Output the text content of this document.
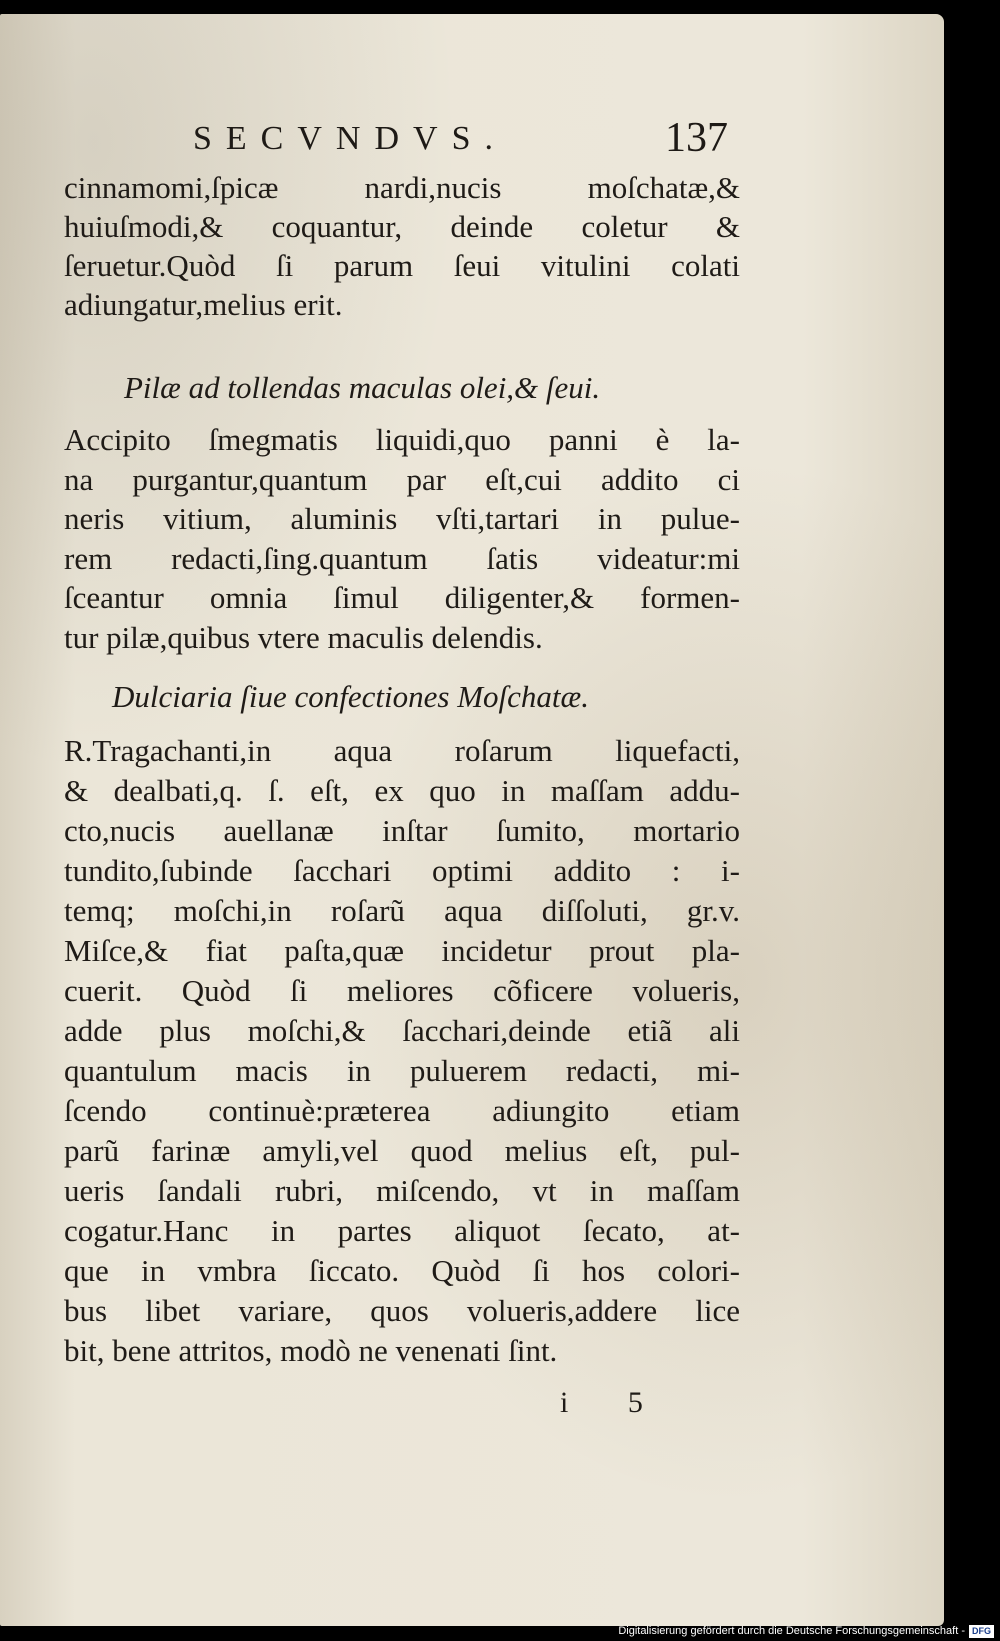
SECVNDVS.	137
cinnamomi,ſpicæ nardi,nucis moſchatæ,&
huiuſmodi,& coquantur, deinde coletur &
ſeruetur.Quòd ſi parum ſeui vitulini colati
adiungatur,melius erit.
Pilæ ad tollendas maculas olei,& ſeui.
Accipito ſmegmatis liquidi,quo panni è la-
na purgantur,quantum par eſt,cui addito ci
neris vitium, aluminis vſti,tartari in pulue-
rem redacti,ſing.quantum ſatis videatur:mi
ſceantur omnia ſimul diligenter,& formen-
tur pilæ,quibus vtere maculis delendis.
Dulciaria ſiue confectiones Moſchatæ.
R.Tragachanti,in aqua roſarum liquefacti,
& dealbati,q. ſ. eſt, ex quo in maſſam addu-
cto,nucis auellanæ inſtar ſumito, mortario
tundito,ſubinde ſacchari optimi addito : i-
temq; moſchi,in roſarũ aqua diſſoluti, gr.v.
Miſce,& fiat paſta,quæ incidetur prout pla-
cuerit. Quòd ſi meliores cõficere volueris,
adde plus moſchi,& ſacchari,deinde etiã ali
quantulum macis in puluerem redacti, mi-
ſcendo continuè:præterea adiungito etiam
parũ farinæ amyli,vel quod melius eſt, pul-
ueris ſandali rubri, miſcendo, vt in maſſam
cogatur.Hanc in partes aliquot ſecato, at-
que in vmbra ſiccato. Quòd ſi hos colori-
bus libet variare, quos volueris,addere lice
bit, bene attritos, modò ne venenati ſint.
i 5
Digitalisierung gefördert durch die Deutsche Forschungsgemeinschaft - DFG
